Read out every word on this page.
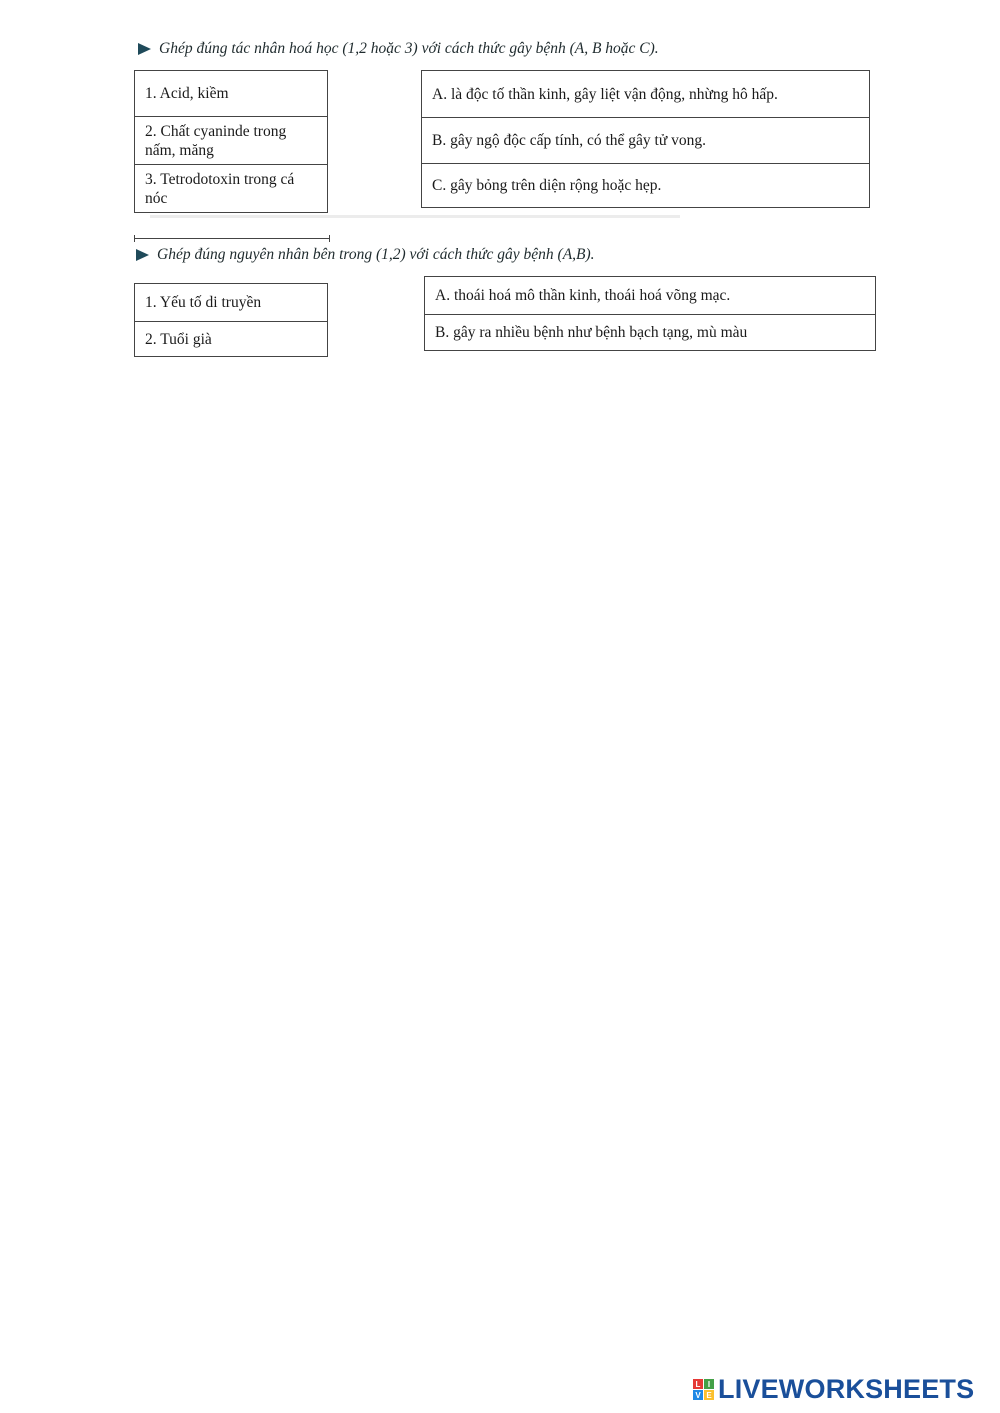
Ghép đúng tác nhân hoá học (1,2 hoặc 3) với cách thức gây bệnh (A, B hoặc C).
1. Acid, kiềm
2. Chất cyaninde trong nấm, măng
3. Tetrodotoxin trong cá nóc
A. là độc tố thần kinh, gây liệt vận động, nhừng hô hấp.
B. gây ngộ độc cấp tính, có thể gây tử vong.
C. gây bỏng trên diện rộng hoặc hẹp.
Ghép đúng nguyên nhân bên trong (1,2) với cách thức gây bệnh (A,B).
1. Yếu tố di truyền
2. Tuổi già
A. thoái hoá mô thần kinh, thoái hoá võng mạc.
B. gây ra nhiều bệnh như bệnh bạch tạng, mù màu
L I
V E LIVEWORKSHEETS
